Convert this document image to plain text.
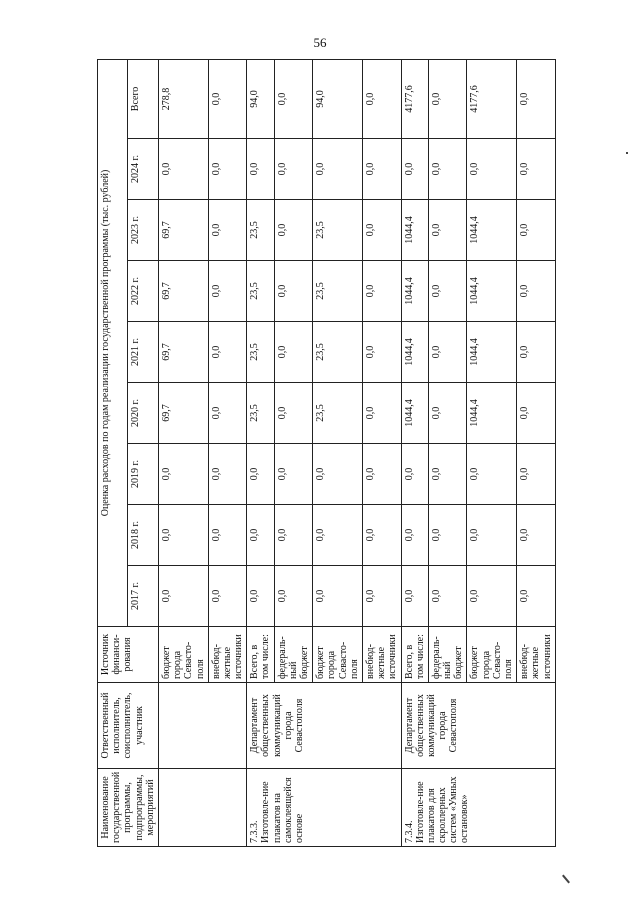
56
Наименование государственной программы, подпрограммы, мероприятий	Ответственный исполнитель, соисполнитель, участник	Источник финанси-рования	Оценка расходов по годам реализации государственной программы (тыс. рублей)								
			2017 г.	2018 г.	2019 г.	2020 г.	2021 г.	2022 г.	2023 г.	2024 г.	Всего
		бюджет города Севасто-поля	0,0	0,0	0,0	69,7	69,7	69,7	69,7	0,0	278,8
		внебюд-жетные источники	0,0	0,0	0,0	0,0	0,0	0,0	0,0	0,0	0,0
7.3.3. Изготовле-ние плакатов на самоклеящейся основе	Департамент общественных коммуникаций города Севастополя	Всего, в том числе:	0,0	0,0	0,0	23,5	23,5	23,5	23,5	0,0	94,0
		федераль-ный бюджет	0,0	0,0	0,0	0,0	0,0	0,0	0,0	0,0	0,0
		бюджет города Севасто-поля	0,0	0,0	0,0	23,5	23,5	23,5	23,5	0,0	94,0
		внебюд-жетные источники	0,0	0,0	0,0	0,0	0,0	0,0	0,0	0,0	0,0
7.3.4. Изготовле-ние плакатов для скроллерных систем «Умных остановок»	Департамент общественных коммуникаций города Севастополя	Всего, в том числе:	0,0	0,0	0,0	1044,4	1044,4	1044,4	1044,4	0,0	4177,6
		федераль-ный бюджет	0,0	0,0	0,0	0,0	0,0	0,0	0,0	0,0	0,0
		бюджет города Севасто-поля	0,0	0,0	0,0	1044,4	1044,4	1044,4	1044,4	0,0	4177,6
		внебюд-жетные источники	0,0	0,0	0,0	0,0	0,0	0,0	0,0	0,0	0,0
